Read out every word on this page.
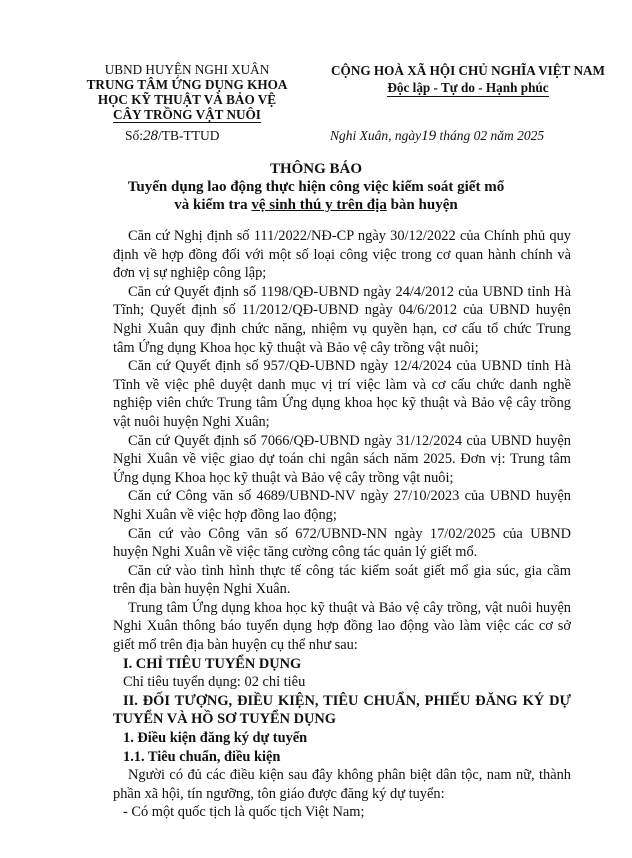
UBND HUYỆN NGHI XUÂN
TRUNG TÂM ỨNG DỤNG KHOA
HỌC KỸ THUẬT VÀ BẢO VỆ
CÂY TRỒNG VẬT NUÔI
CỘNG HOÀ XÃ HỘI CHỦ NGHĨA VIỆT NAM
Độc lập - Tự do - Hạnh phúc
Số:28/TB-TTUD	Nghi Xuân, ngày19 tháng 02 năm 2025
THÔNG BÁO
Tuyển dụng lao động thực hiện công việc kiểm soát giết mổ
và kiểm tra vệ sinh thú y trên địa bàn huyện

Căn cứ Nghị định số 111/2022/NĐ-CP ngày 30/12/2022 của Chính phủ quy định về hợp đồng đối với một số loại công việc trong cơ quan hành chính và đơn vị sự nghiệp công lập;

Căn cứ Quyết định số 1198/QĐ-UBND ngày 24/4/2012 của UBND tỉnh Hà Tĩnh; Quyết định số 11/2012/QĐ-UBND ngày 04/6/2012 của UBND huyện Nghi Xuân quy định chức năng, nhiệm vụ quyền hạn, cơ cấu tổ chức Trung tâm Ứng dụng Khoa học kỹ thuật và Bảo vệ cây trồng vật nuôi;

Căn cứ Quyết định số 957/QĐ-UBND ngày 12/4/2024 của UBND tỉnh Hà Tĩnh về việc phê duyệt danh mục vị trí việc làm và cơ cấu chức danh nghề nghiệp viên chức Trung tâm Ứng dụng khoa học kỹ thuật và Bảo vệ cây trồng vật nuôi huyện Nghi Xuân;

Căn cứ Quyết định số 7066/QĐ-UBND ngày 31/12/2024 của UBND huyện Nghi Xuân về việc giao dự toán chi ngân sách năm 2025. Đơn vị: Trung tâm Ứng dụng Khoa học kỹ thuật và Bảo vệ cây trồng vật nuôi;

Căn cứ Công văn số 4689/UBND-NV ngày 27/10/2023 của UBND huyện Nghi Xuân về việc hợp đồng lao động;

Căn cứ vào Công văn số 672/UBND-NN ngày 17/02/2025 của UBND huyện Nghi Xuân về việc tăng cường công tác quản lý giết mổ.

Căn cứ vào tình hình thực tế công tác kiểm soát giết mổ gia súc, gia cầm trên địa bàn huyện Nghi Xuân.

Trung tâm Ứng dụng khoa học kỹ thuật và Bảo vệ cây trồng, vật nuôi huyện Nghi Xuân thông báo tuyển dụng hợp đồng lao động vào làm việc các cơ sở giết mổ trên địa bàn huyện cụ thể như sau:

I. CHỈ TIÊU TUYỂN DỤNG

Chỉ tiêu tuyển dụng: 02 chỉ tiêu

II. ĐỐI TƯỢNG, ĐIỀU KIỆN, TIÊU CHUẨN, PHIẾU ĐĂNG KÝ DỰ TUYỂN VÀ HỒ SƠ TUYỂN DỤNG

1. Điều kiện đăng ký dự tuyển

1.1. Tiêu chuẩn, điều kiện

Người có đủ các điều kiện sau đây không phân biệt dân tộc, nam nữ, thành phần xã hội, tín ngưỡng, tôn giáo được đăng ký dự tuyển:

- Có một quốc tịch là quốc tịch Việt Nam;
